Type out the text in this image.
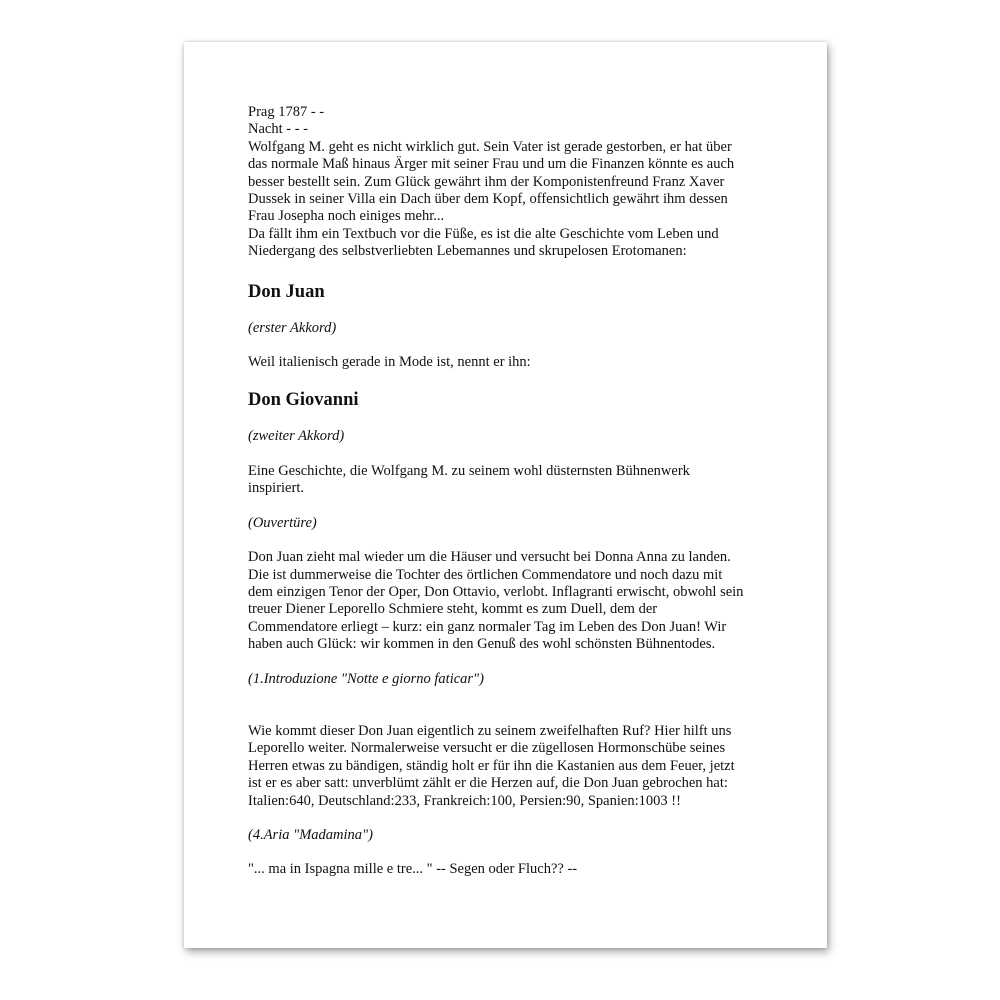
Prag 1787 - -
Nacht - - -
Wolfgang M. geht es nicht wirklich gut. Sein Vater ist gerade gestorben, er hat über
das normale Maß hinaus Ärger mit seiner Frau und um die Finanzen könnte es auch
besser bestellt sein. Zum Glück gewährt ihm der Komponistenfreund Franz Xaver
Dussek in seiner Villa ein Dach über dem Kopf, offensichtlich gewährt ihm dessen
Frau Josepha noch einiges mehr...
Da fällt ihm ein Textbuch vor die Füße, es ist die alte Geschichte vom Leben und
Niedergang des selbstverliebten Lebemannes und skrupelosen Erotomanen:

Don Juan

(erster Akkord)

Weil italienisch gerade in Mode ist, nennt er ihn:

Don Giovanni

(zweiter Akkord)

Eine Geschichte, die Wolfgang M. zu seinem wohl düsternsten Bühnenwerk
inspiriert.

(Ouvertüre)

Don Juan zieht mal wieder um die Häuser und versucht bei Donna Anna zu landen.
Die ist dummerweise die Tochter des örtlichen Commendatore und noch dazu mit
dem einzigen Tenor der Oper, Don Ottavio, verlobt. Inflagranti erwischt, obwohl sein
treuer Diener Leporello Schmiere steht, kommt es zum Duell, dem der
Commendatore erliegt – kurz: ein ganz normaler Tag im Leben des Don Juan! Wir
haben auch Glück: wir kommen in den Genuß des wohl schönsten Bühnentodes.

(1.Introduzione "Notte e giorno faticar")

Wie kommt dieser Don Juan eigentlich zu seinem zweifelhaften Ruf? Hier hilft uns
Leporello weiter. Normalerweise versucht er die zügellosen Hormonschübe seines
Herren etwas zu bändigen, ständig holt er für ihn die Kastanien aus dem Feuer, jetzt
ist er es aber satt: unverblümt zählt er die Herzen auf, die Don Juan gebrochen hat:
Italien:640, Deutschland:233, Frankreich:100, Persien:90, Spanien:1003 !!

(4.Aria "Madamina")

"... ma in Ispagna mille e tre... " -- Segen oder Fluch?? --
